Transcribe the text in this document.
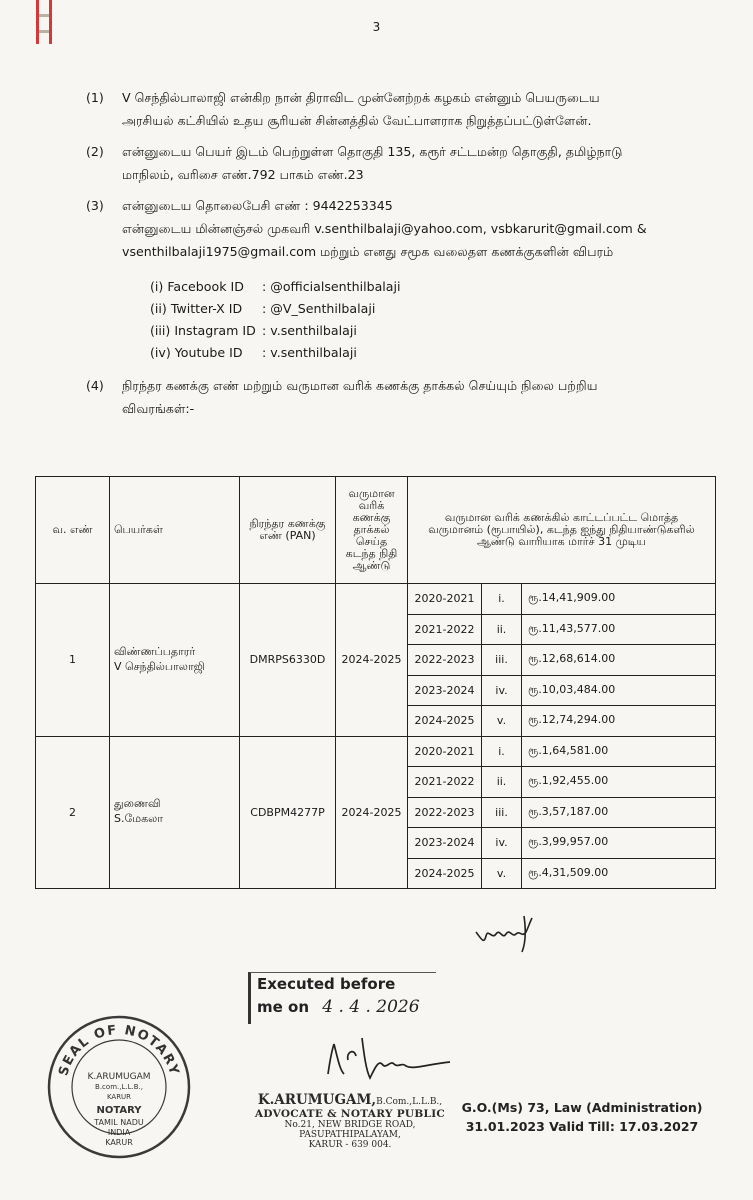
3
(1)	V செந்தில்பாலாஜி என்கிற நான் திராவிட முன்னேற்றக் கழகம் என்னும் பெயருடைய
அரசியல் கட்சியில் உதய சூரியன் சின்னத்தில் வேட்பாளராக நிறுத்தப்பட்டுள்ளேன்.
(2)	என்னுடைய பெயர் இடம் பெற்றுள்ள தொகுதி 135, கரூர் சட்டமன்ற தொகுதி, தமிழ்நாடு
மாநிலம், வரிசை எண்.792 பாகம் எண்.23
(3)	என்னுடைய தொலைபேசி எண் : 9442253345
என்னுடைய மின்னஞ்சல் முகவரி v.senthilbalaji@yahoo.com, vsbkarurit@gmail.com &
vsenthilbalaji1975@gmail.com மற்றும் எனது சமூக வலைதள கணக்குகளின் விபரம்
(i) Facebook ID : @officialsenthilbalaji
(ii) Twitter-X ID : @V_Senthilbalaji
(iii) Instagram ID : v.senthilbalaji
(iv) Youtube ID : v.senthilbalaji
(4)	நிரந்தர கணக்கு எண் மற்றும் வருமான வரிக் கணக்கு தாக்கல் செய்யும் நிலை பற்றிய
விவரங்கள்:-
வ. எண்	பெயர்கள்	நிரந்தர கணக்கு எண் (PAN)	வருமான வரிக் கணக்கு தாக்கல் செய்த கடந்த நிதி ஆண்டு	வருமான வரிக் கணக்கில் காட்டப்பட்ட மொத்த வருமானம் (ரூபாயில்), கடந்த ஐந்து நிதியாண்டுகளில் ஆண்டு வாரியாக மார்ச் 31 முடிய		
1	விண்ணப்பதாரர்
V செந்தில்பாலாஜி	DMRPS6330D	2024-2025	2020-2021	i.	ரூ.14,41,909.00
				2021-2022	ii.	ரூ.11,43,577.00
				2022-2023	iii.	ரூ.12,68,614.00
				2023-2024	iv.	ரூ.10,03,484.00
				2024-2025	v.	ரூ.12,74,294.00
2	துணைவி
S.மேகலா	CDBPM4277P	2024-2025	2020-2021	i.	ரூ.1,64,581.00
				2021-2022	ii.	ரூ.1,92,455.00
				2022-2023	iii.	ரூ.3,57,187.00
				2023-2024	iv.	ரூ.3,99,957.00
				2024-2025	v.	ரூ.4,31,509.00
Executed before
me on 4 . 4 . 2026
SEAL OF NOTARY
K.ARUMUGAM
B.com.,L.L.B.,
KARUR
NOTARY
TAMIL NADU
INDIA
KARUR
K.ARUMUGAM,B.Com.,L.L.B.,
ADVOCATE & NOTARY PUBLIC
No.21, NEW BRIDGE ROAD,
PASUPATHIPALAYAM,
KARUR - 639 004.
G.O.(Ms) 73, Law (Administration)
31.01.2023 Valid Till: 17.03.2027
